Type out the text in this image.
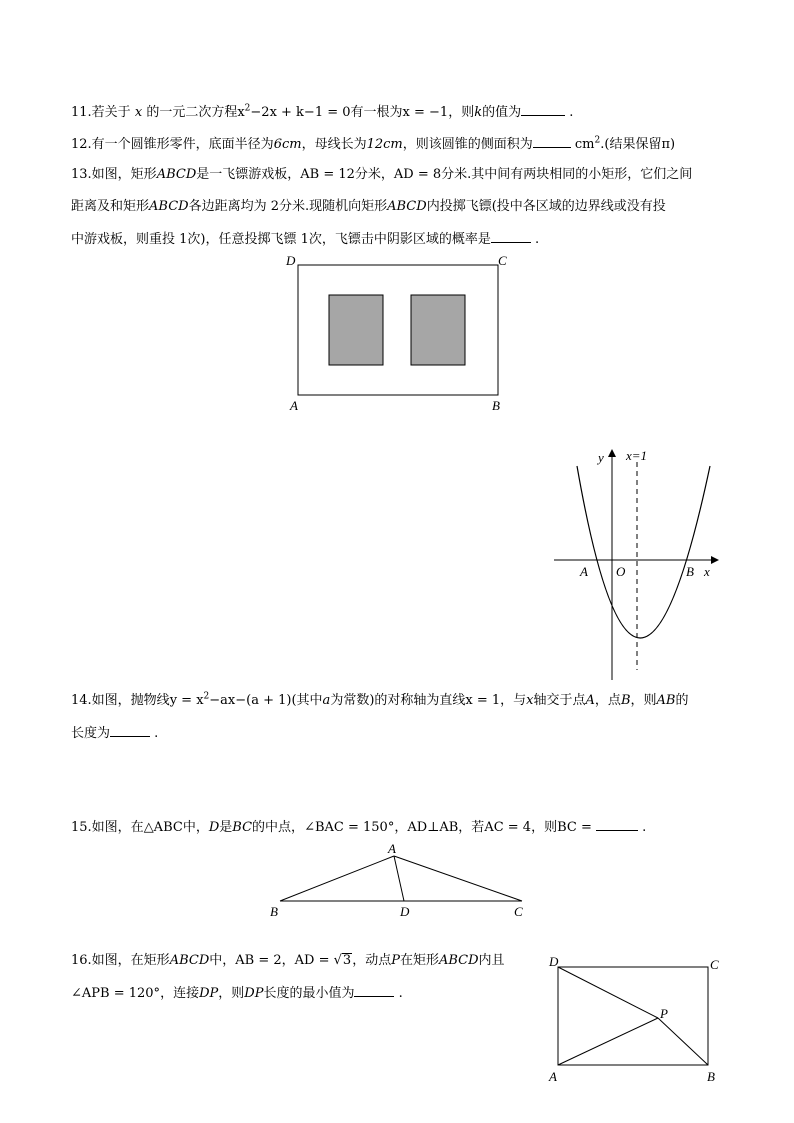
11.若关于 x 的一元二次方程$x^2-2x + k-1 = 0$有一根为x = −1，则k的值为	.
12.有一个圆锥形零件，底面半径为6cm，母线长为12cm，则该圆锥的侧面积为	$cm^2$.(结果保留π)
13.如图，矩形ABCD是一飞镖游戏板，AB = 12分米，AD = 8分米.其中间有两块相同的小矩形，它们之间
距离及和矩形ABCD各边距离均为 2分米.现随机向矩形ABCD内投掷飞镖(投中各区域的边界线或没有投
中游戏板，则重投 1次)，任意投掷飞镖 1次，飞镖击中阴影区域的概率是	.
D	C
A	B
y x=1
A O	B x
14.如图，抛物线$y = x^2-ax-(a + 1)$(其中a为常数)的对称轴为直线x = 1，与x轴交于点A，点B，则AB的
长度为	.
15.如图，在△ABC中，D是BC的中点，∠BAC = 150°，AD⊥AB，若AC = 4，则BC =	.
A
B	D	C
16.如图，在矩形ABCD中，AB = 2，AD = √3，动点P在矩形ABCD内且
∠APB = 120°，连接DP，则DP长度的最小值为	.
D	C
P
A	B
